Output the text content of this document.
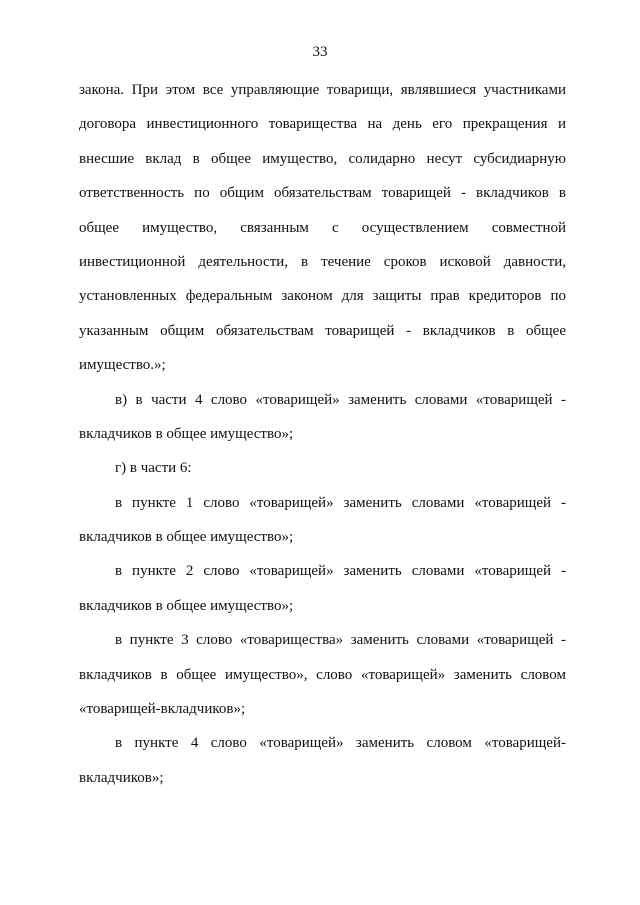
33
закона. При этом все управляющие товарищи, являвшиеся участниками
договора инвестиционного товарищества на день его прекращения и
внесшие вклад в общее имущество, солидарно несут субсидиарную
ответственность по общим обязательствам товарищей - вкладчиков в
общее имущество, связанным с осуществлением совместной
инвестиционной деятельности, в течение сроков исковой давности,
установленных федеральным законом для защиты прав кредиторов по
указанным общим обязательствам товарищей - вкладчиков в общее
имущество.»;
в) в части 4 слово «товарищей» заменить словами «товарищей -
вкладчиков в общее имущество»;
г) в части 6:
в пункте 1 слово «товарищей» заменить словами «товарищей -
вкладчиков в общее имущество»;
в пункте 2 слово «товарищей» заменить словами «товарищей -
вкладчиков в общее имущество»;
в пункте 3 слово «товарищества» заменить словами «товарищей -
вкладчиков в общее имущество», слово «товарищей» заменить словом
«товарищей-вкладчиков»;
в пункте 4 слово «товарищей» заменить словом «товарищей-
вкладчиков»;
